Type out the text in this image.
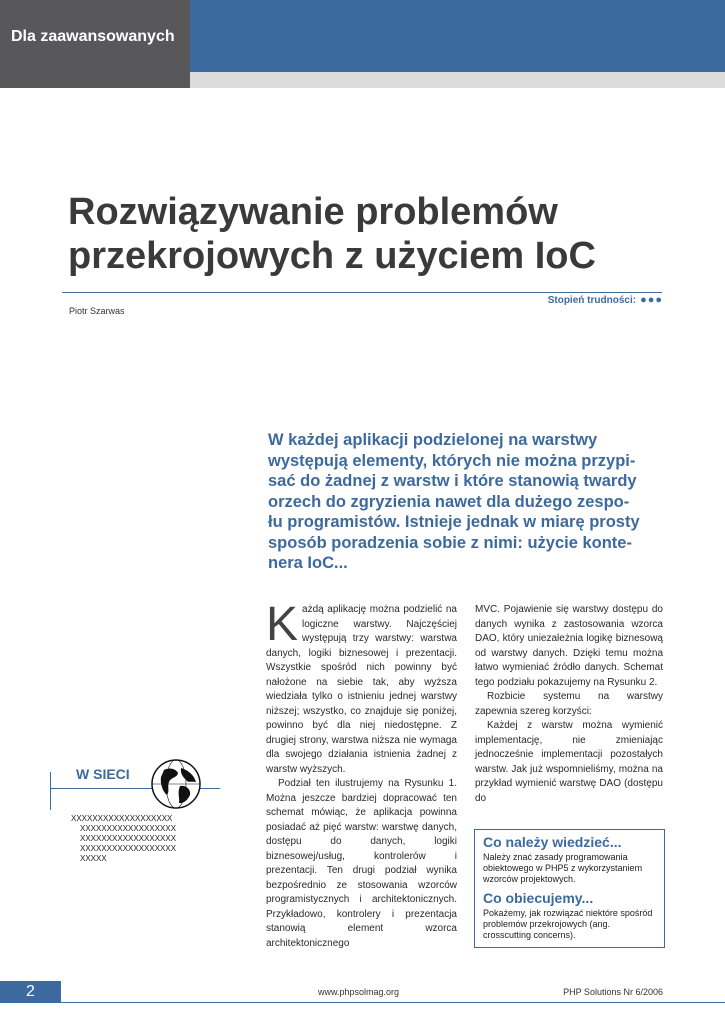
Dla zaawansowanych
Rozwiązywanie problemów
przekrojowych z użyciem IoC
Piotr Szarwas
Stopień trudności: ●●●

W każdej aplikacji podzielonej na warstwy

występują elementy, których nie można przypi-

sać do żadnej z warstw i które stanowią twardy

orzech do zgryzienia nawet dla dużego zespo-

łu programistów. Istnieje jednak w miarę prosty

sposób poradzenia sobie z nimi: użycie konte-

nera IoC...

Każdą aplikację można podzielić na logiczne warstwy. Najczęściej występują trzy warstwy: warstwa danych, logiki biznesowej i prezentacji. Wszystkie spośród nich powinny być nałożone na siebie tak, aby wyższa wiedziała tylko o istnieniu jednej warstwy niższej; wszystko, co znajduje się poniżej, powinno być dla niej niedostępne. Z drugiej strony, warstwa niższa nie wymaga dla swojego działania istnienia żadnej z warstw wyższych.

Podział ten ilustrujemy na Rysunku 1. Można jeszcze bardziej dopracować ten schemat mówiąc, że aplikacja powinna posiadać aż pięć warstw: warstwę danych, dostępu do danych, logiki biznesowej/usług, kontrolerów i prezentacji. Ten drugi podział wynika bezpośrednio ze stosowania wzorców programistycznych i architektonicznych. Przykładowo, kontrolery i prezentacja stanowią element wzorca architektonicznego

MVC. Pojawienie się warstwy dostępu do danych wynika z zastosowania wzorca DAO, który uniezależnia logikę biznesową od warstwy danych. Dzięki temu można łatwo wymieniać źródło danych. Schemat tego podziału pokazujemy na Rysunku 2.

Rozbicie systemu na warstwy zapewnia szereg korzyści:

Każdej z warstw można wymienić implementację, nie zmieniając jednocześnie implementacji pozostałych warstw. Jak już wspomnieliśmy, można na przykład wymienić warstwę DAO (dostępu do

W SIECI
XXXXXXXXXXXXXXXXXXX
XXXXXXXXXXXXXXXXXX
XXXXXXXXXXXXXXXXXX
XXXXXXXXXXXXXXXXXX
XXXXX
Co należy wiedzieć...
Należy znać zasady programowania obiektowego w PHP5 z wykorzystaniem wzorców projektowych.
Co obiecujemy...
Pokażemy, jak rozwiązać niektóre spośród problemów przekrojowych (ang. crosscutting concerns).
2	www.phpsolmag.org	PHP Solutions Nr 6/2006
